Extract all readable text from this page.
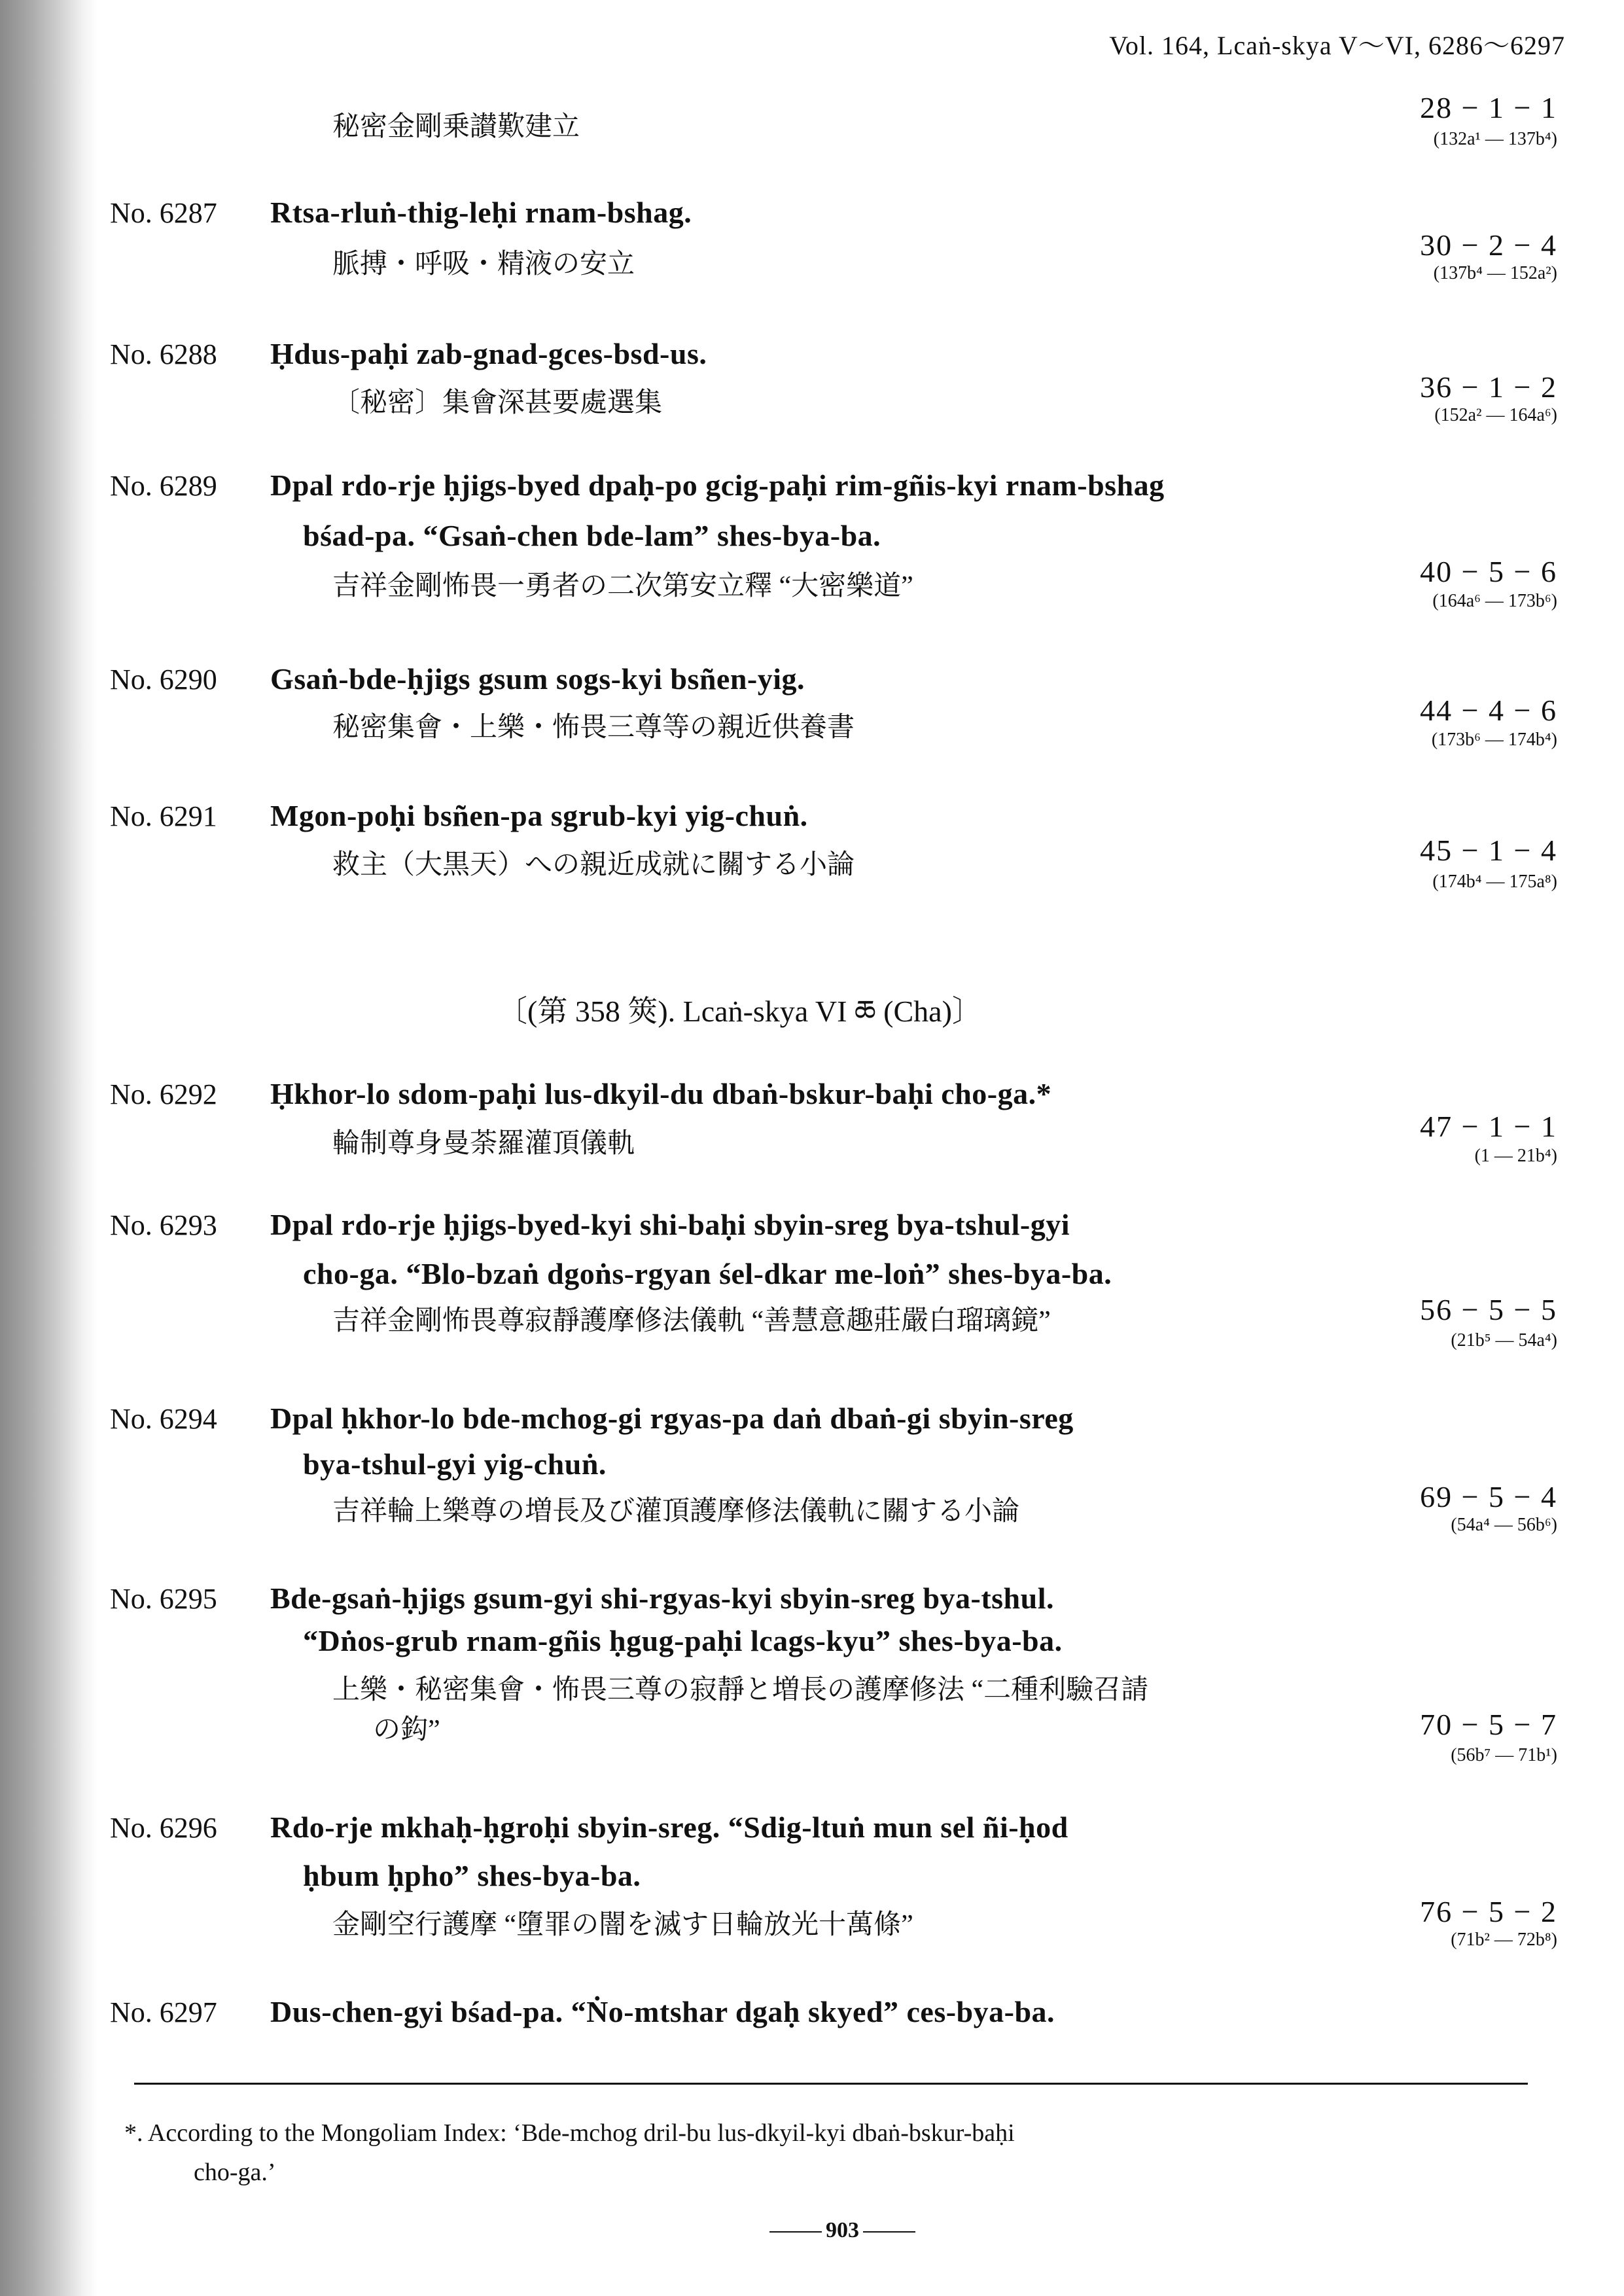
Vol. 164, Lcaṅ-skya V～VI, 6286～6297
〔(第 358 筴). Lcaṅ-skya VI ཆ (Cha)〕
秘密金剛乗讃歎建立
28 − 1 − 1
(132a¹ — 137b⁴)
No. 6287 Rtsa-rluṅ-thig-leḥi rnam-bshag.
脈搏・呼吸・精液の安立
30 − 2 − 4
(137b⁴ — 152a²)
No. 6288 Ḥdus-paḥi zab-gnad-gces-bsd-us.
〔秘密〕集會深甚要處選集	36 − 1 − 2
(152a² — 164a⁶)
No. 6289 Dpal rdo-rje ḥjigs-byed dpaḥ-po gcig-paḥi rim-gñis-kyi rnam-bshag
bśad-pa. “Gsaṅ-chen bde-lam” shes-bya-ba.
吉祥金剛怖畏一勇者の二次第安立釋 “大密樂道”	40 − 5 − 6
(164a⁶ — 173b⁶)
No. 6290 Gsaṅ-bde-ḥjigs gsum sogs-kyi bsñen-yig.
秘密集會・上樂・怖畏三尊等の親近供養書
44 − 4 − 6
(173b⁶ — 174b⁴)
No. 6291 Mgon-poḥi bsñen-pa sgrub-kyi yig-chuṅ.
救主（大黒天）への親近成就に關する小論	45 − 1 − 4
(174b⁴ — 175a⁸)
No. 6292 Ḥkhor-lo sdom-paḥi lus-dkyil-du dbaṅ-bskur-baḥi cho-ga.*
輪制尊身曼荼羅灌頂儀軌
47 − 1 − 1
(1 — 21b⁴)
No. 6293 Dpal rdo-rje ḥjigs-byed-kyi shi-baḥi sbyin-sreg bya-tshul-gyi
cho-ga. “Blo-bzaṅ dgoṅs-rgyan śel-dkar me-loṅ” shes-bya-ba.
吉祥金剛怖畏尊寂靜護摩修法儀軌 “善慧意趣莊嚴白瑠璃鏡”	56 − 5 − 5
(21b⁵ — 54a⁴)
No. 6294 Dpal ḥkhor-lo bde-mchog-gi rgyas-pa daṅ dbaṅ-gi sbyin-sreg
bya-tshul-gyi yig-chuṅ.
吉祥輪上樂尊の増長及び灌頂護摩修法儀軌に關する小論	69 − 5 − 4
(54a⁴ — 56b⁶)
No. 6295 Bde-gsaṅ-ḥjigs gsum-gyi shi-rgyas-kyi sbyin-sreg bya-tshul.
“Dṅos-grub rnam-gñis ḥgug-paḥi lcags-kyu” shes-bya-ba.
上樂・秘密集會・怖畏三尊の寂靜と増長の護摩修法 “二種利驗召請
の鈎”	70 − 5 − 7
(56b⁷ — 71b¹)
No. 6296 Rdo-rje mkhaḥ-ḥgroḥi sbyin-sreg. “Sdig-ltuṅ mun sel ñi-ḥod
ḥbum ḥpho” shes-bya-ba.
金剛空行護摩 “墮罪の闇を滅す日輪放光十萬條”	76 − 5 − 2
(71b² — 72b⁸)
No. 6297 Dus-chen-gyi bśad-pa. “Ṅo-mtshar dgaḥ skyed” ces-bya-ba.
*. According to the Mongoliam Index: ‘Bde-mchog dril-bu lus-dkyil-kyi dbaṅ-bskur-baḥi
cho-ga.’
903
